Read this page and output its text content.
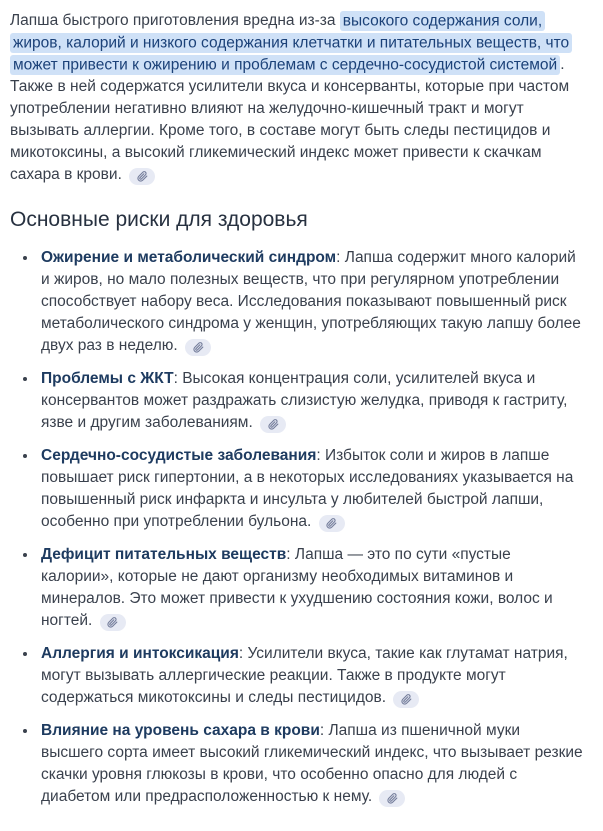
Лапша быстрого приготовления вредна из-за высокого содержания соли, жиров, калорий и низкого содержания клетчатки и питательных веществ, что может привести к ожирению и проблемам с сердечно-сосудистой системой . Также в ней содержатся усилители вкуса и консерванты, которые при частом употреблении негативно влияют на желудочно-кишечный тракт и могут вызывать аллергии. Кроме того, в составе могут быть следы пестицидов и микотоксины, а высокий гликемический индекс может привести к скачкам сахара в крови.

Основные риски для здоровья
Ожирение и метаболический синдром: Лапша содержит много калорий и жиров, но мало полезных веществ, что при регулярном употреблении способствует набору веса. Исследования показывают повышенный риск метаболического синдрома у женщин, употребляющих такую лапшу более двух раз в неделю.
Проблемы с ЖКТ: Высокая концентрация соли, усилителей вкуса и консервантов может раздражать слизистую желудка, приводя к гастриту, язве и другим заболеваниям.
Сердечно-сосудистые заболевания: Избыток соли и жиров в лапше повышает риск гипертонии, а в некоторых исследованиях указывается на повышенный риск инфаркта и инсульта у любителей быстрой лапши, особенно при употреблении бульона.
Дефицит питательных веществ: Лапша — это по сути «пустые калории», которые не дают организму необходимых витаминов и минералов. Это может привести к ухудшению состояния кожи, волос и ногтей.
Аллергия и интоксикация: Усилители вкуса, такие как глутамат натрия, могут вызывать аллергические реакции. Также в продукте могут содержаться микотоксины и следы пестицидов.
Влияние на уровень сахара в крови: Лапша из пшеничной муки высшего сорта имеет высокий гликемический индекс, что вызывает резкие скачки уровня глюкозы в крови, что особенно опасно для людей с диабетом или предрасположенностью к нему.
